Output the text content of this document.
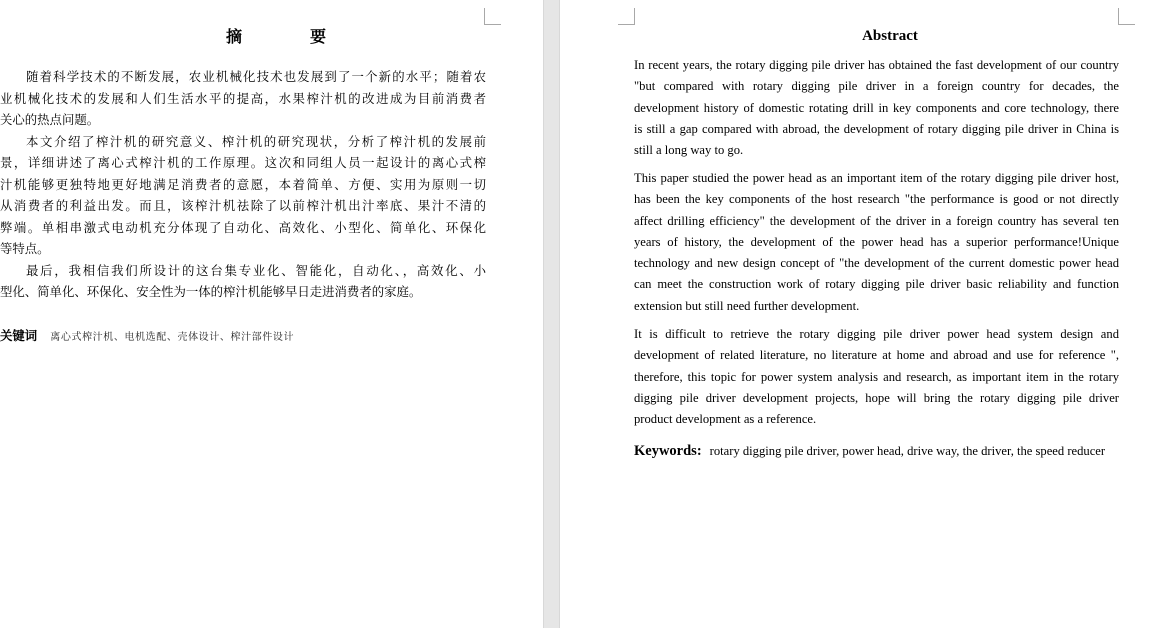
摘　要
随着科学技术的不断发展，农业机械化技术也发展到了一个新的水平；随着农
业机械化技术的发展和人们生活水平的提高，水果榨汁机的改进成为目前消费者
关心的热点问题。
本文介绍了榨汁机的研究意义、榨汁机的研究现状，分析了榨汁机的发展前
景，详细讲述了离心式榨汁机的工作原理。这次和同组人员一起设计的离心式榨
汁机能够更独特地更好地满足消费者的意愿，本着简单、方便、实用为原则一切
从消费者的利益出发。而且，该榨汁机祛除了以前榨汁机出汁率底、果汁不清的
弊端。单相串激式电动机充分体现了自动化、高效化、小型化、简单化、环保化
等特点。
最后，我相信我们所设计的这台集专业化、智能化，自动化、，高效化、小
型化、简单化、环保化、安全性为一体的榨汁机能够早日走进消费者的家庭。
关键词 离心式榨汁机、电机选配、壳体设计、榨汁部件设计
Abstract
In recent years, the rotary digging pile driver has obtained the fast development of our country
"but compared with rotary digging pile driver in a foreign country for decades, the
development history of domestic rotating drill in key components and core technology, there
is still a gap compared with abroad, the development of rotary digging pile driver in China is
still a long way to go.
This paper studied the power head as an important item of the rotary digging pile driver host,
has been the key components of the host research "the performance is good or not directly
affect drilling efficiency" the development of the driver in a foreign country has several ten
years of history, the development of the power head has a superior performance!Unique
technology and new design concept of "the development of the current domestic power head
can meet the construction work of rotary digging pile driver basic reliability and function
extension but still need further development.
It is difficult to retrieve the rotary digging pile driver power head system design and
development of related literature, no literature at home and abroad and use for reference ",
therefore, this topic for power system analysis and research, as important item in the rotary
digging pile driver development projects, hope will bring the rotary digging pile driver
product development as a reference.
Keywords: rotary digging pile driver, power head, drive way, the driver, the speed reducer
